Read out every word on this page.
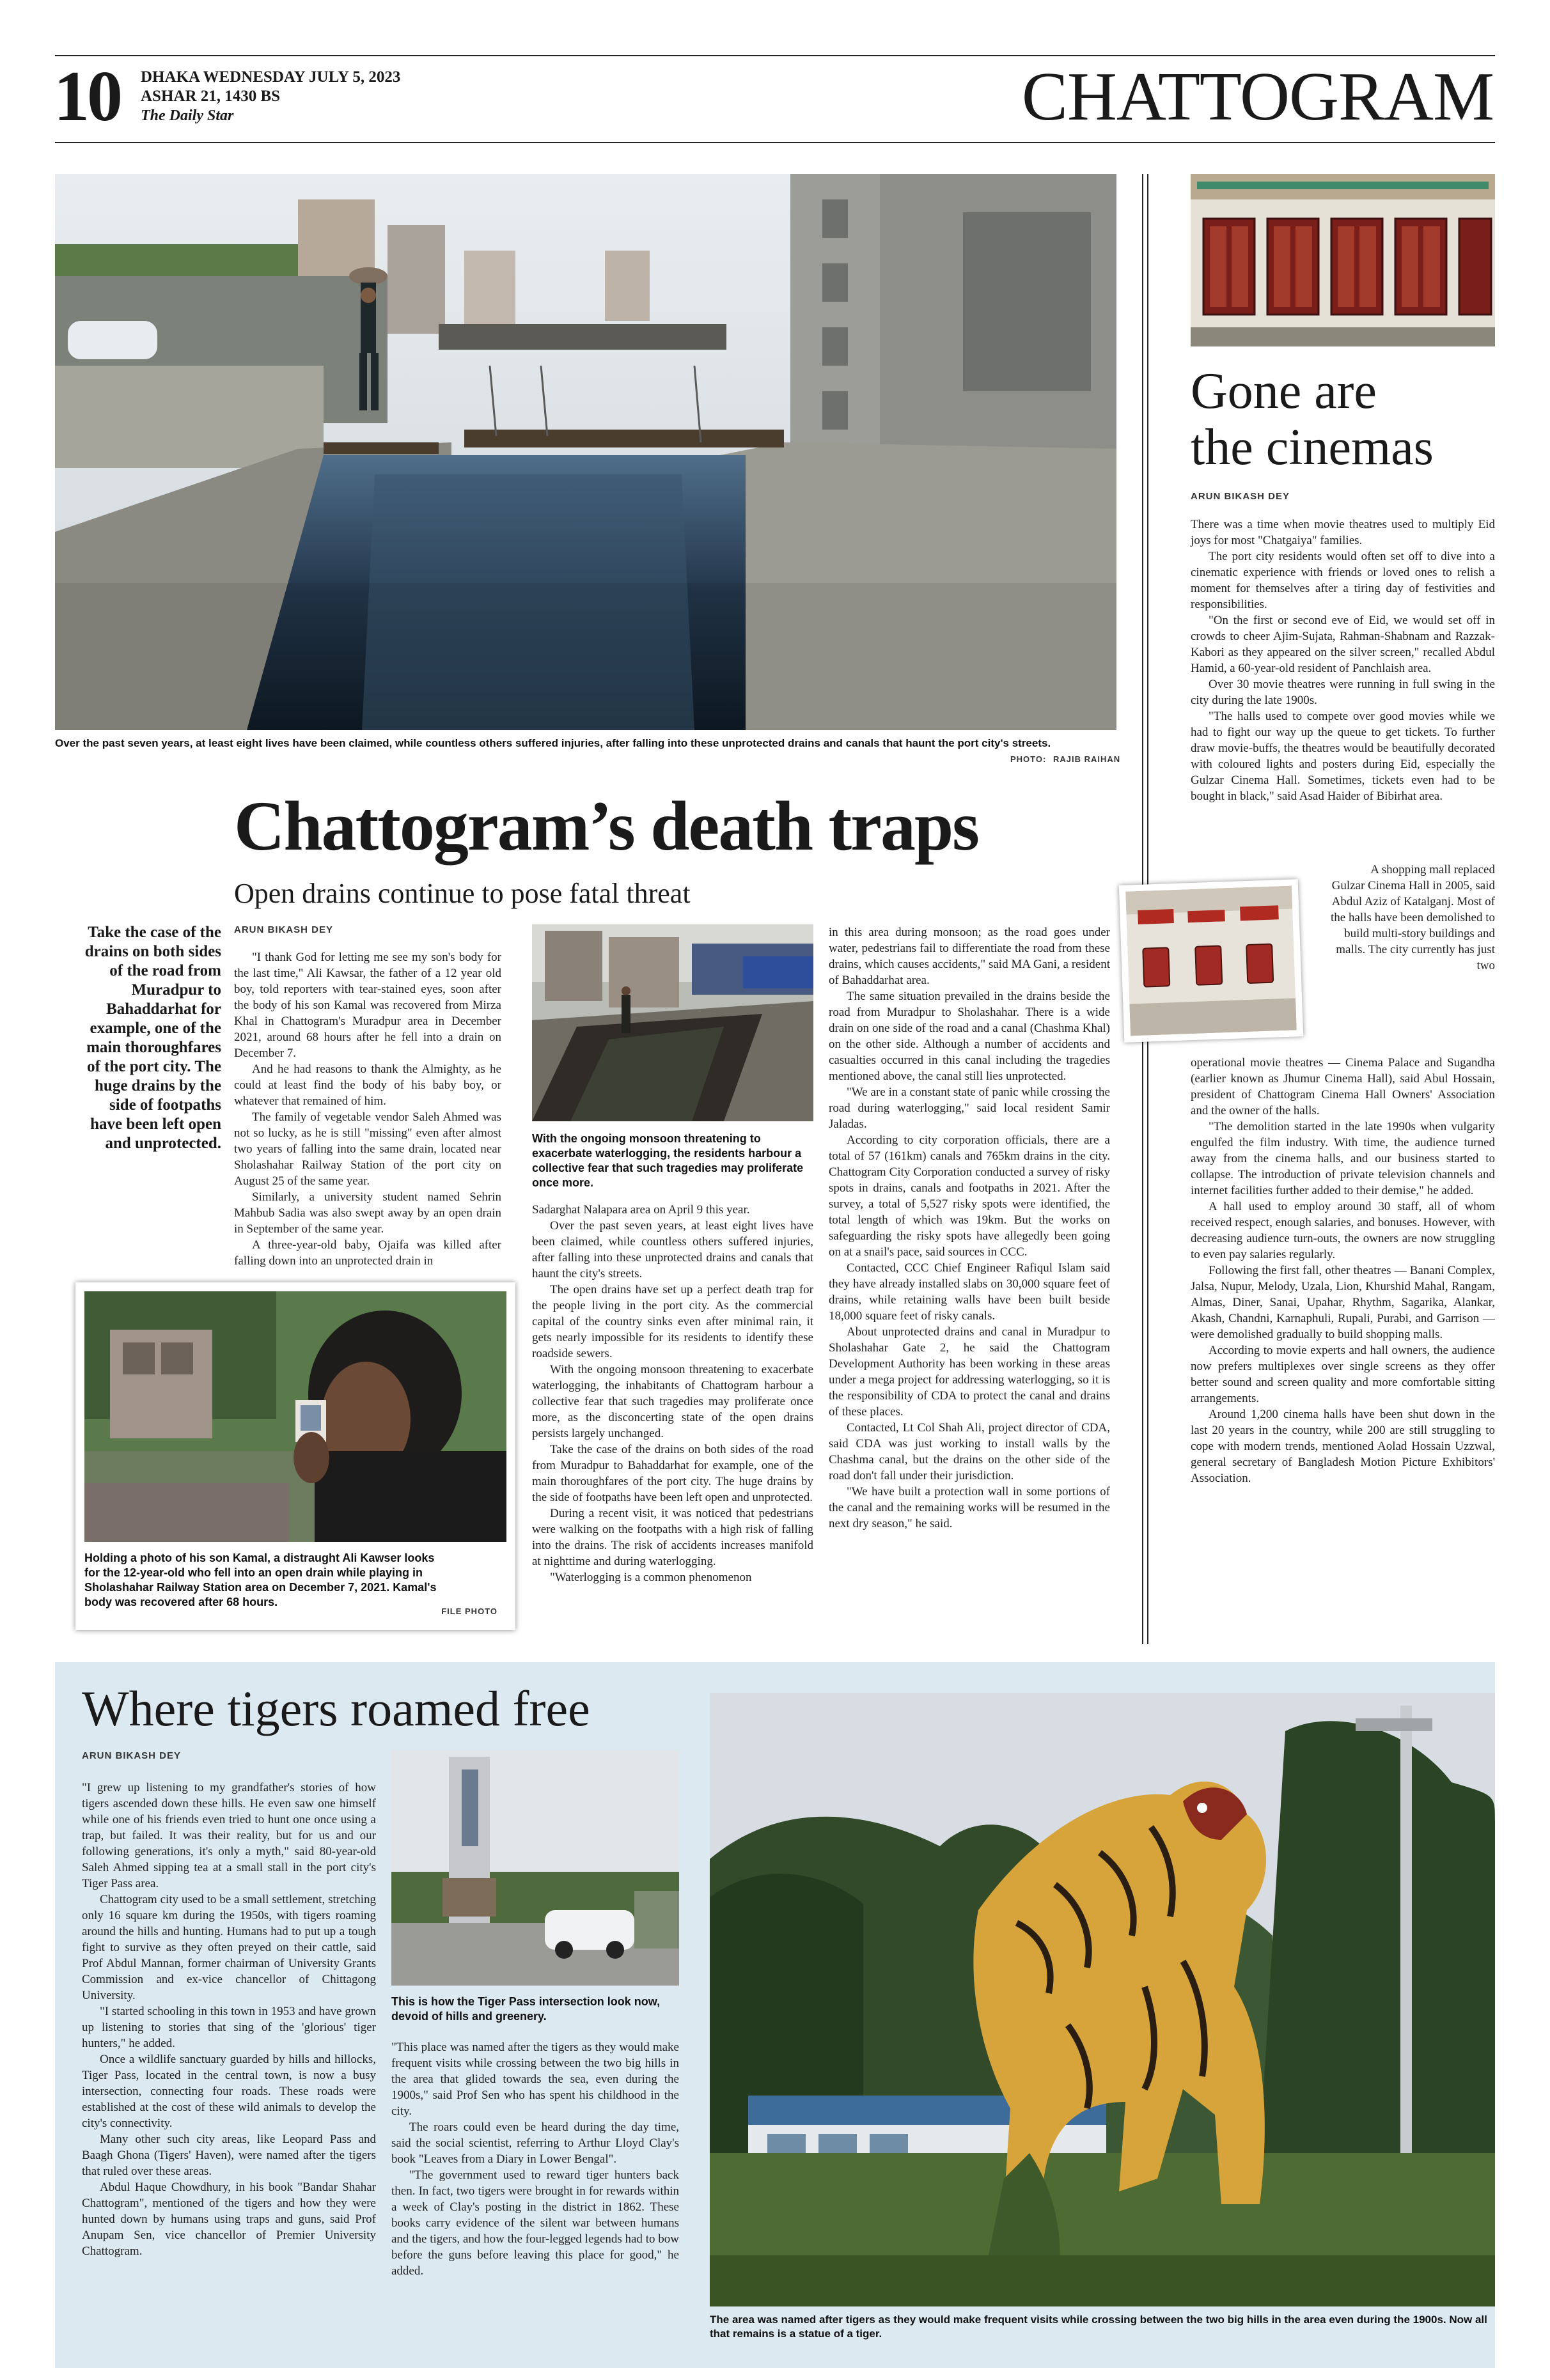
10 DHAKA WEDNESDAY JULY 5, 2023
ASHAR 21, 1430 BS
The Daily Star	CHATTOGRAM
Over the past seven years, at least eight lives have been claimed, while countless others suffered injuries, after falling into these unprotected drains and canals that haunt the port city's streets.
PHOTO: RAJIB RAIHAN
Chattogram’s death traps
Open drains continue to pose fatal threat
Take the case of the drains on both sides of the road from Muradpur to Bahaddarhat for example, one of the main thoroughfares of the port city. The huge drains by the side of footpaths have been left open and unprotected.
ARUN BIKASH DEY

"I thank God for letting me see my son's body for the last time," Ali Kawsar, the father of a 12 year old boy, told reporters with tear-stained eyes, soon after the body of his son Kamal was recovered from Mirza Khal in Chattogram's Muradpur area in December 2021, around 68 hours after he fell into a drain on December 7.

And he had reasons to thank the Almighty, as he could at least find the body of his baby boy, or whatever that remained of him.

The family of vegetable vendor Saleh Ahmed was not so lucky, as he is still "missing" even after almost two years of falling into the same drain, located near Sholashahar Railway Station of the port city on August 25 of the same year.

Similarly, a university student named Sehrin Mahbub Sadia was also swept away by an open drain in September of the same year.

A three-year-old baby, Ojaifa was killed after falling down into an unprotected drain in

With the ongoing monsoon threatening to exacerbate waterlogging, the residents harbour a collective fear that such tragedies may proliferate once more.

Sadarghat Nalapara area on April 9 this year.

Over the past seven years, at least eight lives have been claimed, while countless others suffered injuries, after falling into these unprotected drains and canals that haunt the city's streets.

The open drains have set up a perfect death trap for the people living in the port city. As the commercial capital of the country sinks even after minimal rain, it gets nearly impossible for its residents to identify these roadside sewers.

With the ongoing monsoon threatening to exacerbate waterlogging, the inhabitants of Chattogram harbour a collective fear that such tragedies may proliferate once more, as the disconcerting state of the open drains persists largely unchanged.

Take the case of the drains on both sides of the road from Muradpur to Bahaddarhat for example, one of the main thoroughfares of the port city. The huge drains by the side of footpaths have been left open and unprotected.

During a recent visit, it was noticed that pedestrians were walking on the footpaths with a high risk of falling into the drains. The risk of accidents increases manifold at nighttime and during waterlogging.

"Waterlogging is a common phenomenon

in this area during monsoon; as the road goes under water, pedestrians fail to differentiate the road from these drains, which causes accidents," said MA Gani, a resident of Bahaddarhat area.

The same situation prevailed in the drains beside the road from Muradpur to Sholashahar. There is a wide drain on one side of the road and a canal (Chashma Khal) on the other side. Although a number of accidents and casualties occurred in this canal including the tragedies mentioned above, the canal still lies unprotected.

"We are in a constant state of panic while crossing the road during waterlogging," said local resident Samir Jaladas.

According to city corporation officials, there are a total of 57 (161km) canals and 765km drains in the city. Chattogram City Corporation conducted a survey of risky spots in drains, canals and footpaths in 2021. After the survey, a total of 5,527 risky spots were identified, the total length of which was 19km. But the works on safeguarding the risky spots have allegedly been going on at a snail's pace, said sources in CCC.

Contacted, CCC Chief Engineer Rafiqul Islam said they have already installed slabs on 30,000 square feet of drains, while retaining walls have been built beside 18,000 square feet of risky canals.

About unprotected drains and canal in Muradpur to Sholashahar Gate 2, he said the Chattogram Development Authority has been working in these areas under a mega project for addressing waterlogging, so it is the responsibility of CDA to protect the canal and drains of these places.

Contacted, Lt Col Shah Ali, project director of CDA, said CDA was just working to install walls by the Chashma canal, but the drains on the other side of the road don't fall under their jurisdiction.

"We have built a protection wall in some portions of the canal and the remaining works will be resumed in the next dry season," he said.

Holding a photo of his son Kamal, a distraught Ali Kawser looks for the 12-year-old who fell into an open drain while playing in Sholashahar Railway Station area on December 7, 2021. Kamal's body was recovered after 68 hours.
FILE PHOTO
Gone are
the cinemas
ARUN BIKASH DEY

There was a time when movie theatres used to multiply Eid joys for most "Chatgaiya" families.

The port city residents would often set off to dive into a cinematic experience with friends or loved ones to relish a moment for themselves after a tiring day of festivities and responsibilities.

"On the first or second eve of Eid, we would set off in crowds to cheer Ajim-Sujata, Rahman-Shabnam and Razzak-Kabori as they appeared on the silver screen," recalled Abdul Hamid, a 60-year-old resident of Panchlaish area.

Over 30 movie theatres were running in full swing in the city during the late 1900s.

"The halls used to compete over good movies while we had to fight our way up the queue to get tickets. To further draw movie-buffs, the theatres would be beautifully decorated with coloured lights and posters during Eid, especially the Gulzar Cinema Hall. Sometimes, tickets even had to be bought in black," said Asad Haider of Bibirhat area.

A shopping mall replaced Gulzar Cinema Hall in 2005, said Abdul Aziz of Katalganj. Most of the halls have been demolished to build multi-story buildings and malls. The city currently has just two

operational movie theatres — Cinema Palace and Sugandha (earlier known as Jhumur Cinema Hall), said Abul Hossain, president of Chattogram Cinema Hall Owners' Association and the owner of the halls.

"The demolition started in the late 1990s when vulgarity engulfed the film industry. With time, the audience turned away from the cinema halls, and our business started to collapse. The introduction of private television channels and internet facilities further added to their demise," he added.

A hall used to employ around 30 staff, all of whom received respect, enough salaries, and bonuses. However, with decreasing audience turn-outs, the owners are now struggling to even pay salaries regularly.

Following the first fall, other theatres — Banani Complex, Jalsa, Nupur, Melody, Uzala, Lion, Khurshid Mahal, Rangam, Almas, Diner, Sanai, Upahar, Rhythm, Sagarika, Alankar, Akash, Chandni, Karnaphuli, Rupali, Purabi, and Garrison — were demolished gradually to build shopping malls.

According to movie experts and hall owners, the audience now prefers multiplexes over single screens as they offer better sound and screen quality and more comfortable sitting arrangements.

Around 1,200 cinema halls have been shut down in the last 20 years in the country, while 200 are still struggling to cope with modern trends, mentioned Aolad Hossain Uzzwal, general secretary of Bangladesh Motion Picture Exhibitors' Association.

Where tigers roamed free
ARUN BIKASH DEY

"I grew up listening to my grandfather's stories of how tigers ascended down these hills. He even saw one himself while one of his friends even tried to hunt one once using a trap, but failed. It was their reality, but for us and our following generations, it's only a myth," said 80-year-old Saleh Ahmed sipping tea at a small stall in the port city's Tiger Pass area.

Chattogram city used to be a small settlement, stretching only 16 square km during the 1950s, with tigers roaming around the hills and hunting. Humans had to put up a tough fight to survive as they often preyed on their cattle, said Prof Abdul Mannan, former chairman of University Grants Commission and ex-vice chancellor of Chittagong University.

"I started schooling in this town in 1953 and have grown up listening to stories that sing of the 'glorious' tiger hunters," he added.

Once a wildlife sanctuary guarded by hills and hillocks, Tiger Pass, located in the central town, is now a busy intersection, connecting four roads. These roads were established at the cost of these wild animals to develop the city's connectivity.

Many other such city areas, like Leopard Pass and Baagh Ghona (Tigers' Haven), were named after the tigers that ruled over these areas.

Abdul Haque Chowdhury, in his book "Bandar Shahar Chattogram", mentioned of the tigers and how they were hunted down by humans using traps and guns, said Prof Anupam Sen, vice chancellor of Premier University Chattogram.

This is how the Tiger Pass intersection look now, devoid of hills and greenery.

"This place was named after the tigers as they would make frequent visits while crossing between the two big hills in the area that glided towards the sea, even during the 1900s," said Prof Sen who has spent his childhood in the city.

The roars could even be heard during the day time, said the social scientist, referring to Arthur Lloyd Clay's book "Leaves from a Diary in Lower Bengal".

"The government used to reward tiger hunters back then. In fact, two tigers were brought in for rewards within a week of Clay's posting in the district in 1862. These books carry evidence of the silent war between humans and the tigers, and how the four-legged legends had to bow before the guns before leaving this place for good," he added.

The area was named after tigers as they would make frequent visits while crossing between the two big hills in the area even during the 1900s. Now all that remains is a statue of a tiger.
